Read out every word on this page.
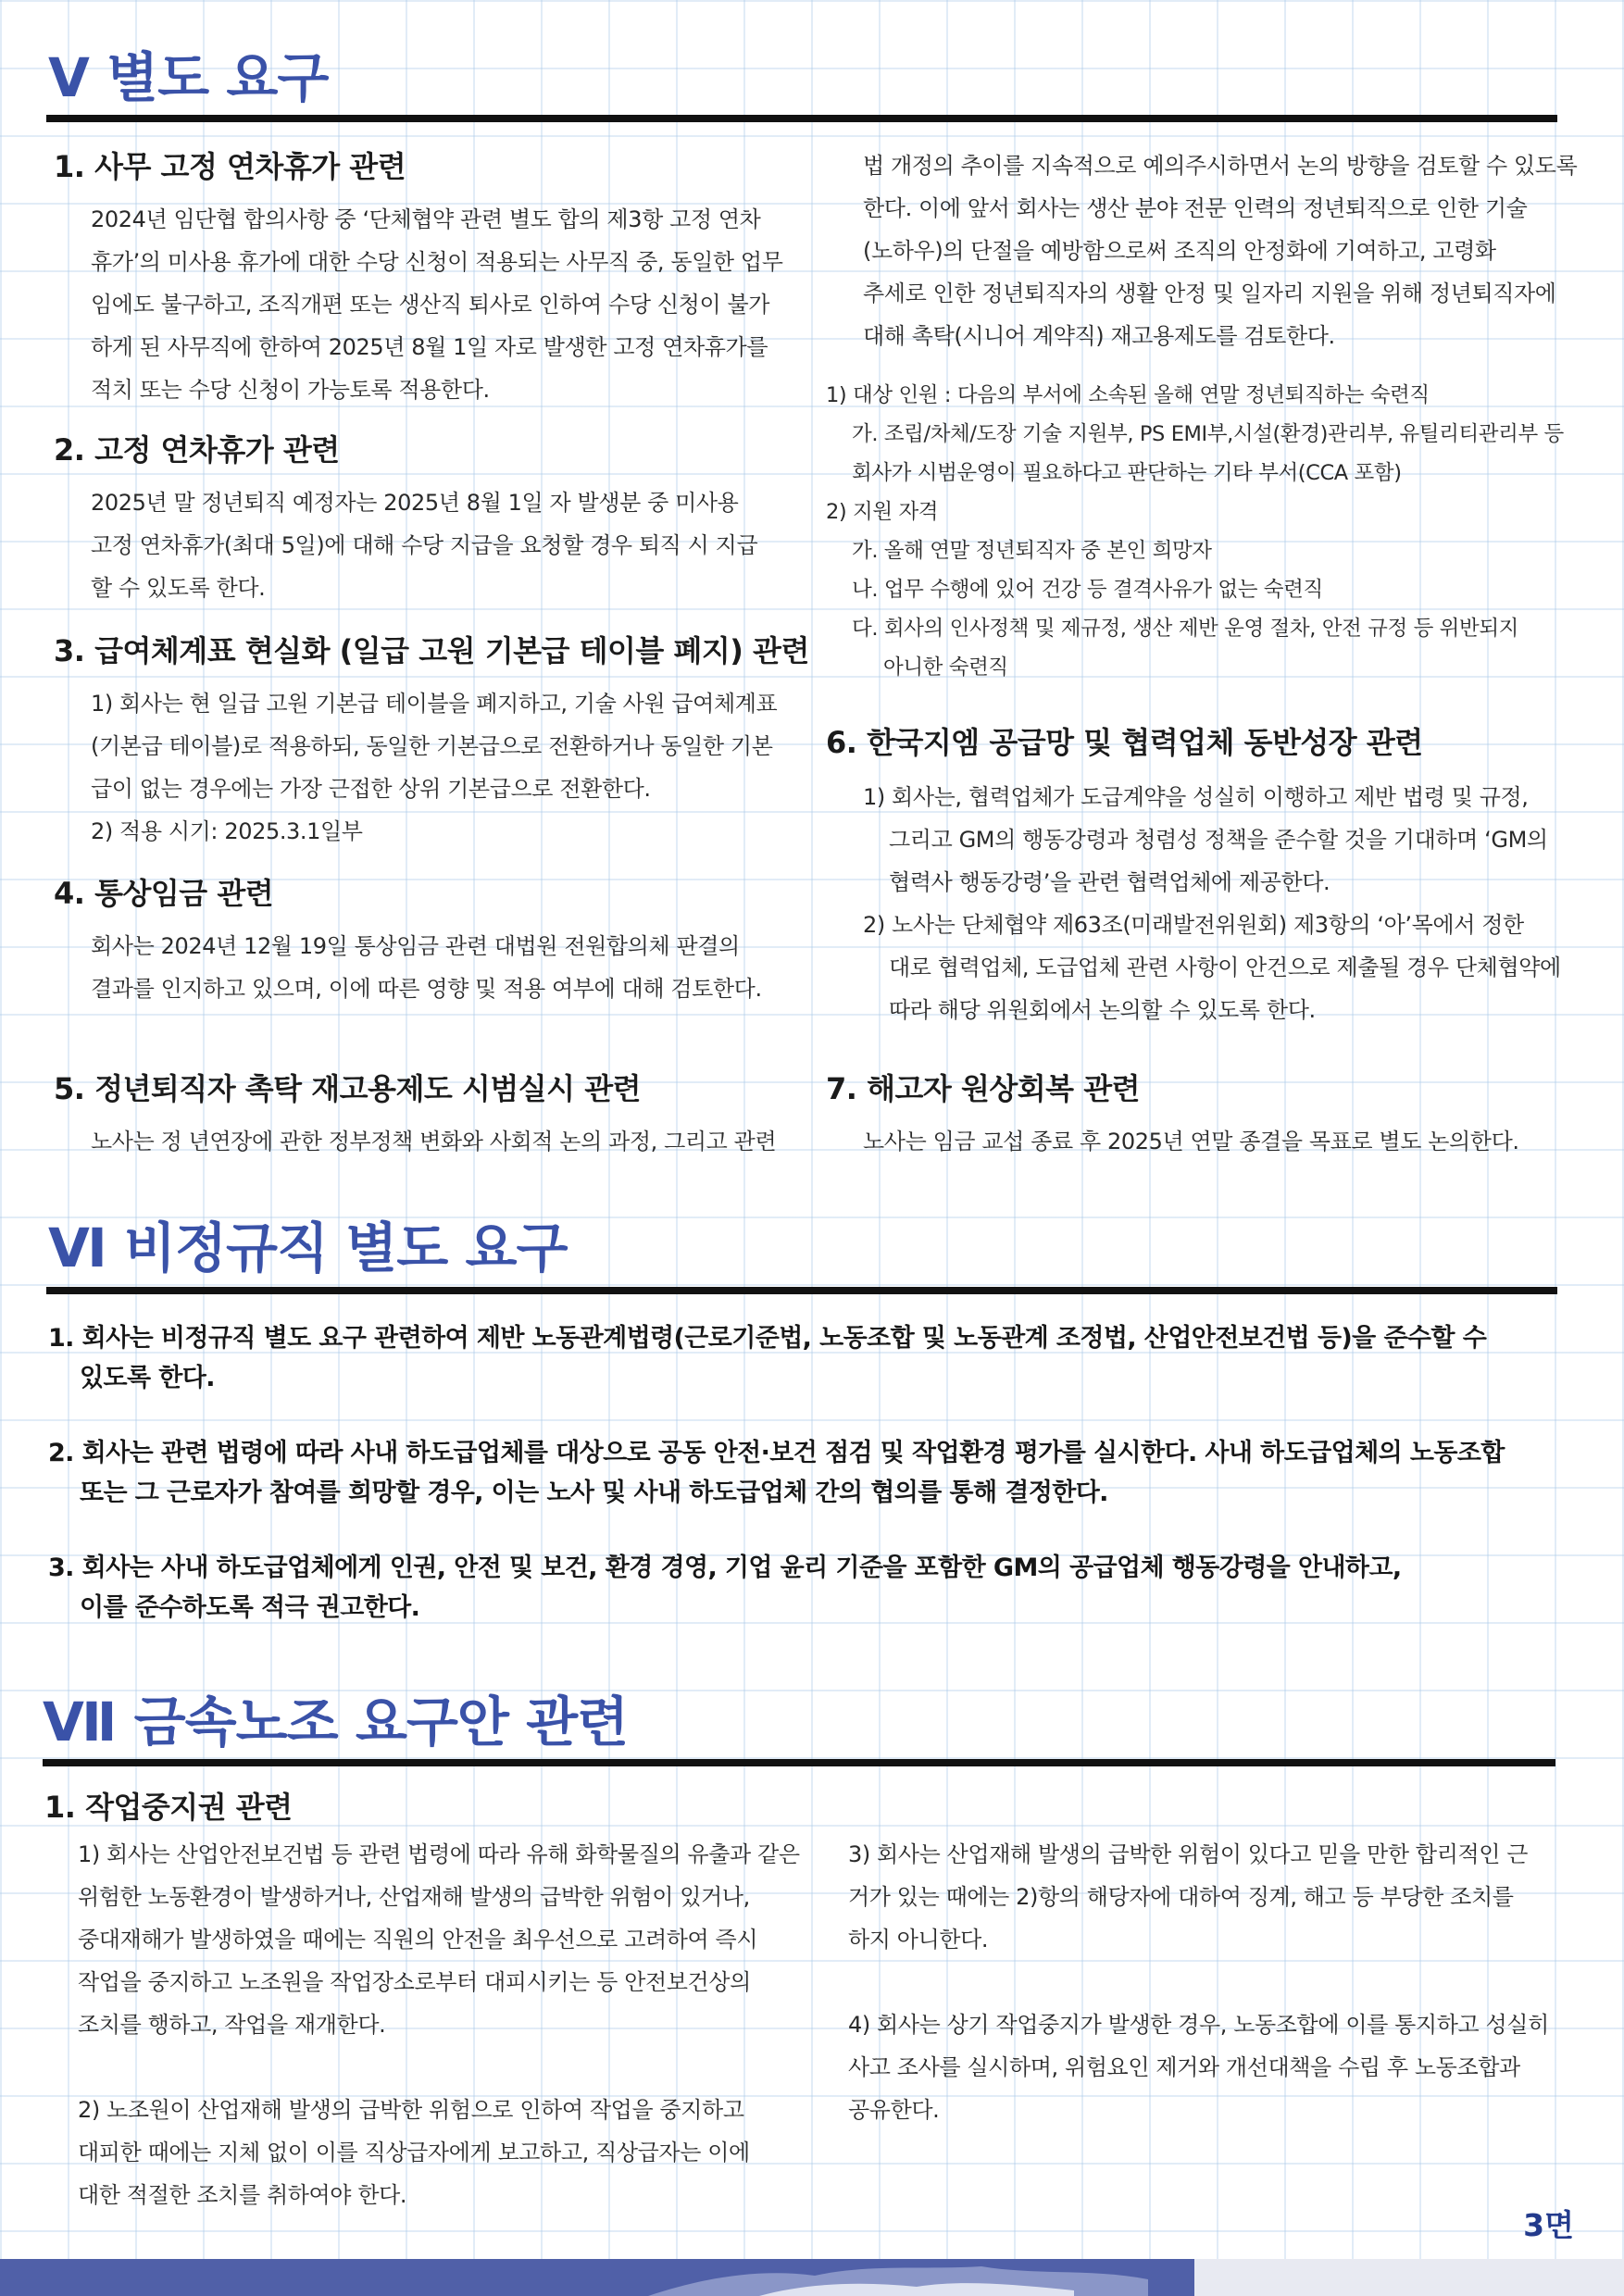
Ⅴ 별도 요구
1. 사무 고정 연차휴가 관련
2024년 임단협 합의사항 중 ‘단체협약 관련 별도 합의 제3항 고정 연차
휴가’의 미사용 휴가에 대한 수당 신청이 적용되는 사무직 중, 동일한 업무
임에도 불구하고, 조직개편 또는 생산직 퇴사로 인하여 수당 신청이 불가
하게 된 사무직에 한하여 2025년 8월 1일 자로 발생한 고정 연차휴가를
적치 또는 수당 신청이 가능토록 적용한다.
2. 고정 연차휴가 관련
2025년 말 정년퇴직 예정자는 2025년 8월 1일 자 발생분 중 미사용
고정 연차휴가(최대 5일)에 대해 수당 지급을 요청할 경우 퇴직 시 지급
할 수 있도록 한다.
3. 급여체계표 현실화 (일급 고원 기본급 테이블 폐지) 관련
1) 회사는 현 일급 고원 기본급 테이블을 폐지하고, 기술 사원 급여체계표
(기본급 테이블)로 적용하되, 동일한 기본급으로 전환하거나 동일한 기본
급이 없는 경우에는 가장 근접한 상위 기본급으로 전환한다.
2) 적용 시기: 2025.3.1일부
4. 통상임금 관련
회사는 2024년 12월 19일 통상임금 관련 대법원 전원합의체 판결의
결과를 인지하고 있으며, 이에 따른 영향 및 적용 여부에 대해 검토한다.
5. 정년퇴직자 촉탁 재고용제도 시범실시 관련
노사는 정 년연장에 관한 정부정책 변화와 사회적 논의 과정, 그리고 관련
법 개정의 추이를 지속적으로 예의주시하면서 논의 방향을 검토할 수 있도록
한다. 이에 앞서 회사는 생산 분야 전문 인력의 정년퇴직으로 인한 기술
(노하우)의 단절을 예방함으로써 조직의 안정화에 기여하고, 고령화
추세로 인한 정년퇴직자의 생활 안정 및 일자리 지원을 위해 정년퇴직자에
대해 촉탁(시니어 계약직) 재고용제도를 검토한다.
1) 대상 인원 : 다음의 부서에 소속된 올해 연말 정년퇴직하는 숙련직
가. 조립/차체/도장 기술 지원부, PS EMI부,시설(환경)관리부, 유틸리티관리부 등
회사가 시범운영이 필요하다고 판단하는 기타 부서(CCA 포함)
2) 지원 자격
가. 올해 연말 정년퇴직자 중 본인 희망자
나. 업무 수행에 있어 건강 등 결격사유가 없는 숙련직
다. 회사의 인사정책 및 제규정, 생산 제반 운영 절차, 안전 규정 등 위반되지
아니한 숙련직
6. 한국지엠 공급망 및 협력업체 동반성장 관련
1) 회사는, 협력업체가 도급계약을 성실히 이행하고 제반 법령 및 규정,
그리고 GM의 행동강령과 청렴성 정책을 준수할 것을 기대하며 ‘GM의
협력사 행동강령’을 관련 협력업체에 제공한다.
2) 노사는 단체협약 제63조(미래발전위원회) 제3항의 ‘아’목에서 정한
대로 협력업체, 도급업체 관련 사항이 안건으로 제출될 경우 단체협약에
따라 해당 위원회에서 논의할 수 있도록 한다.
7. 해고자 원상회복 관련
노사는 임금 교섭 종료 후 2025년 연말 종결을 목표로 별도 논의한다.
Ⅵ 비정규직 별도 요구
1. 회사는 비정규직 별도 요구 관련하여 제반 노동관계법령(근로기준법, 노동조합 및 노동관계 조정법, 산업안전보건법 등)을 준수할 수
있도록 한다.
2. 회사는 관련 법령에 따라 사내 하도급업체를 대상으로 공동 안전·보건 점검 및 작업환경 평가를 실시한다. 사내 하도급업체의 노동조합
또는 그 근로자가 참여를 희망할 경우, 이는 노사 및 사내 하도급업체 간의 협의를 통해 결정한다.
3. 회사는 사내 하도급업체에게 인권, 안전 및 보건, 환경 경영, 기업 윤리 기준을 포함한 GM의 공급업체 행동강령을 안내하고,
이를 준수하도록 적극 권고한다.
Ⅶ 금속노조 요구안 관련
1. 작업중지권 관련

1) 회사는 산업안전보건법 등 관련 법령에 따라 유해 화학물질의 유출과 같은
위험한 노동환경이 발생하거나, 산업재해 발생의 급박한 위험이 있거나,
중대재해가 발생하였을 때에는 직원의 안전을 최우선으로 고려하여 즉시
작업을 중지하고 노조원을 작업장소로부터 대피시키는 등 안전보건상의
조치를 행하고, 작업을 재개한다.

2) 노조원이 산업재해 발생의 급박한 위험으로 인하여 작업을 중지하고
대피한 때에는 지체 없이 이를 직상급자에게 보고하고, 직상급자는 이에
대한 적절한 조치를 취하여야 한다.

3) 회사는 산업재해 발생의 급박한 위험이 있다고 믿을 만한 합리적인 근
거가 있는 때에는 2)항의 해당자에 대하여 징계, 해고 등 부당한 조치를
하지 아니한다.

4) 회사는 상기 작업중지가 발생한 경우, 노동조합에 이를 통지하고 성실히
사고 조사를 실시하며, 위험요인 제거와 개선대책을 수립 후 노동조합과
공유한다.

3면
